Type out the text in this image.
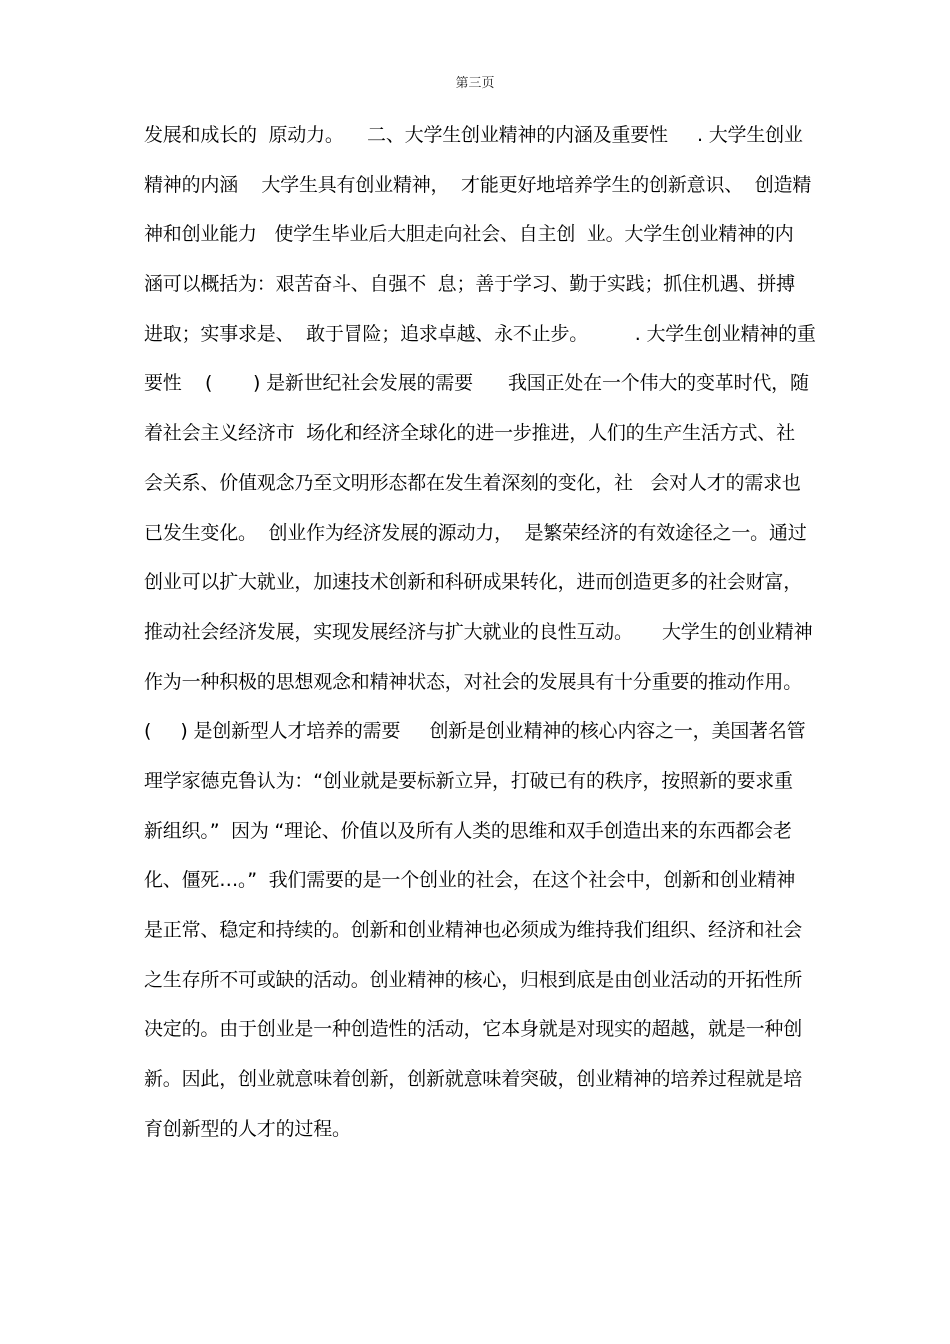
第三页
发展和成长的  原动力。    二、大学生创业精神的内涵及重要性     . 大学生创业
精神的内涵    大学生具有创业精神，  才能更好地培养学生的创新意识、  创造精
神和创业能力   使学生毕业后大胆走向社会、自主创  业。大学生创业精神的内
涵可以概括为：艰苦奋斗、自强不  息；善于学习、勤于实践；抓住机遇、拼搏
进取；实事求是、  敢于冒险；追求卓越、永不止步。        . 大学生创业精神的重
要性    (       ) 是新世纪社会发展的需要      我国正处在一个伟大的变革时代，随
着社会主义经济市  场化和经济全球化的进一步推进，人们的生产生活方式、社
会关系、价值观念乃至文明形态都在发生着深刻的变化，社   会对人才的需求也
已发生变化。  创业作为经济发展的源动力，  是繁荣经济的有效途径之一。通过
创业可以扩大就业，加速技术创新和科研成果转化，进而创造更多的社会财富，
推动社会经济发展，实现发展经济与扩大就业的良性互动。     大学生的创业精神
作为一种积极的思想观念和精神状态，对社会的发展具有十分重要的推动作用。
(     ) 是创新型人才培养的需要     创新是创业精神的核心内容之一，美国著名管
理学家德克鲁认为：“创业就是要标新立异，打破已有的秩序，按照新的要求重
新组织。”  因为 “理论、价值以及所有人类的思维和双手创造出来的东西都会老
化、僵死…。”  我们需要的是一个创业的社会，在这个社会中，创新和创业精神
是正常、稳定和持续的。创新和创业精神也必须成为维持我们组织、经济和社会
之生存所不可或缺的活动。创业精神的核心，归根到底是由创业活动的开拓性所
决定的。由于创业是一种创造性的活动，它本身就是对现实的超越，就是一种创
新。因此，创业就意味着创新，创新就意味着突破，创业精神的培养过程就是培
育创新型的人才的过程。
